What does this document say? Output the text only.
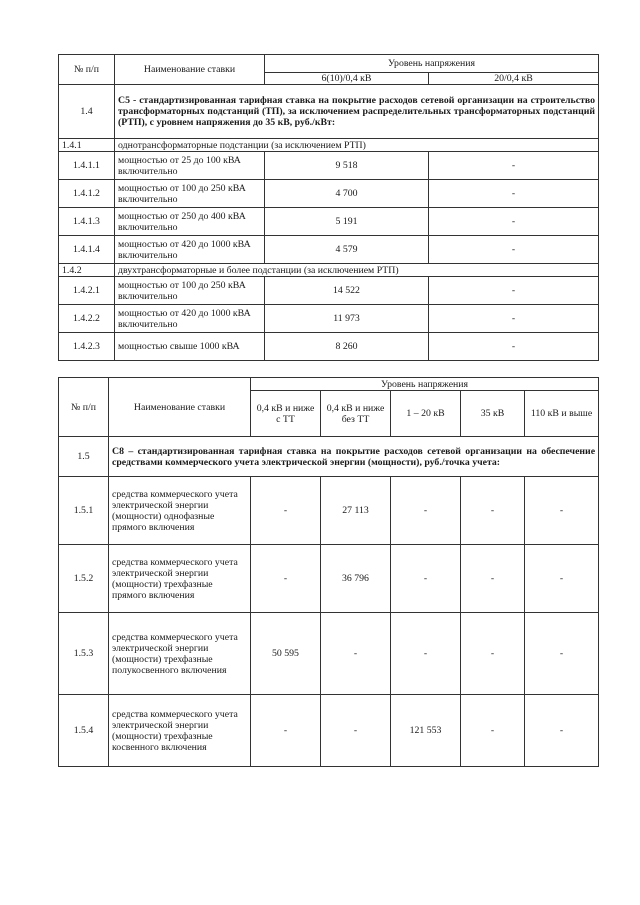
№ п/п	Наименование ставки	Уровень напряжения	
		6(10)/0,4 кВ	20/0,4 кВ
1.4	С5 - стандартизированная тарифная ставка на покрытие расходов сетевой организации на строительство трансформаторных подстанций (ТП), за исключением распределительных трансформаторных подстанций (РТП), с уровнем напряжения до 35 кВ, руб./кВт:		
1.4.1	однотрансформаторные подстанции (за исключением РТП)		
1.4.1.1	мощностью от 25 до 100 кВА включительно	9 518	-
1.4.1.2	мощностью от 100 до 250 кВА включительно	4 700	-
1.4.1.3	мощностью от 250 до 400 кВА включительно	5 191	-
1.4.1.4	мощностью от 420 до 1000 кВА включительно	4 579	-
1.4.2	двухтрансформаторные и более подстанции (за исключением РТП)		
1.4.2.1	мощностью от 100 до 250 кВА включительно	14 522	-
1.4.2.2	мощностью от 420 до 1000 кВА включительно	11 973	-
1.4.2.3	мощностью свыше 1000 кВА	8 260	-
№ п/п	Наименование ставки	Уровень напряжения				
		0,4 кВ и ниже с ТТ	0,4 кВ и ниже без ТТ	1 – 20 кВ	35 кВ	110 кВ и выше
1.5	С8 – стандартизированная тарифная ставка на покрытие расходов сетевой организации на обеспечение средствами коммерческого учета электрической энергии (мощности), руб./точка учета:					
1.5.1	средства коммерческого учета электрической энергии (мощности) однофазные прямого включения	-	27 113	-	-	-
1.5.2	средства коммерческого учета электрической энергии (мощности) трехфазные прямого включения	-	36 796	-	-	-
1.5.3	средства коммерческого учета электрической энергии (мощности) трехфазные полукосвенного включения	50 595	-	-	-	-
1.5.4	средства коммерческого учета электрической энергии (мощности) трехфазные косвенного включения	-	-	121 553	-	-
